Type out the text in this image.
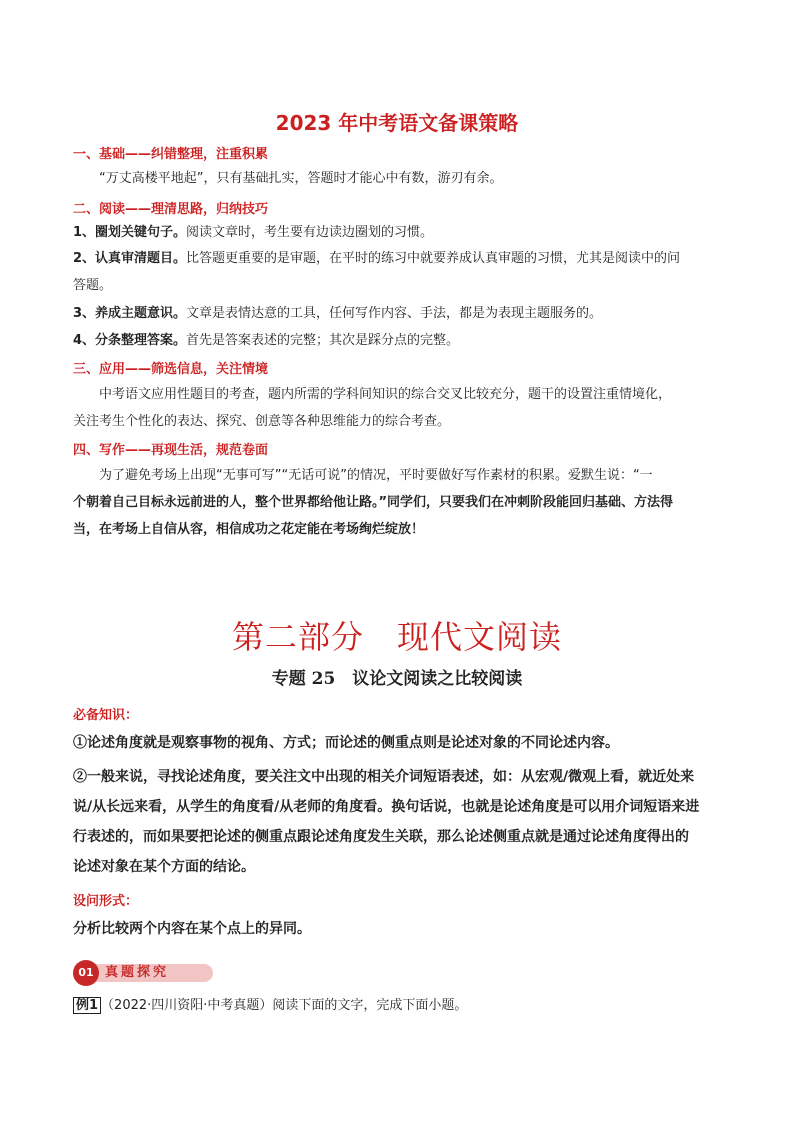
2023 年中考语文备课策略
一、基础——纠错整理，注重积累
“万丈高楼平地起”，只有基础扎实，答题时才能心中有数，游刃有余。
二、阅读——理清思路，归纳技巧
1、圈划关键句子。阅读文章时，考生要有边读边圈划的习惯。
2、认真审清题目。比答题更重要的是审题，在平时的练习中就要养成认真审题的习惯，尤其是阅读中的问
答题。
3、养成主题意识。文章是表情达意的工具，任何写作内容、手法，都是为表现主题服务的。
4、分条整理答案。首先是答案表述的完整；其次是踩分点的完整。
三、应用——筛选信息，关注情境
中考语文应用性题目的考查，题内所需的学科间知识的综合交叉比较充分，题干的设置注重情境化，
关注考生个性化的表达、探究、创意等各种思维能力的综合考查。
四、写作——再现生活，规范卷面
为了避免考场上出现“无事可写”“无话可说”的情况，平时要做好写作素材的积累。爱默生说：“一
个朝着自己目标永远前进的人，整个世界都给他让路。”同学们，只要我们在冲刺阶段能回归基础、方法得
当，在考场上自信从容，相信成功之花定能在考场绚烂绽放！
第二部分　现代文阅读
专题 25　议论文阅读之比较阅读
必备知识：
①论述角度就是观察事物的视角、方式；而论述的侧重点则是论述对象的不同论述内容。
②一般来说，寻找论述角度，要关注文中出现的相关介词短语表述，如：从宏观/微观上看，就近处来
说/从长远来看，从学生的角度看/从老师的角度看。换句话说，也就是论述角度是可以用介词短语来进
行表述的，而如果要把论述的侧重点跟论述角度发生关联，那么论述侧重点就是通过论述角度得出的
论述对象在某个方面的结论。
设问形式：
分析比较两个内容在某个点上的异同。
真题探究
01
例1 （2022·四川资阳·中考真题）阅读下面的文字，完成下面小题。
